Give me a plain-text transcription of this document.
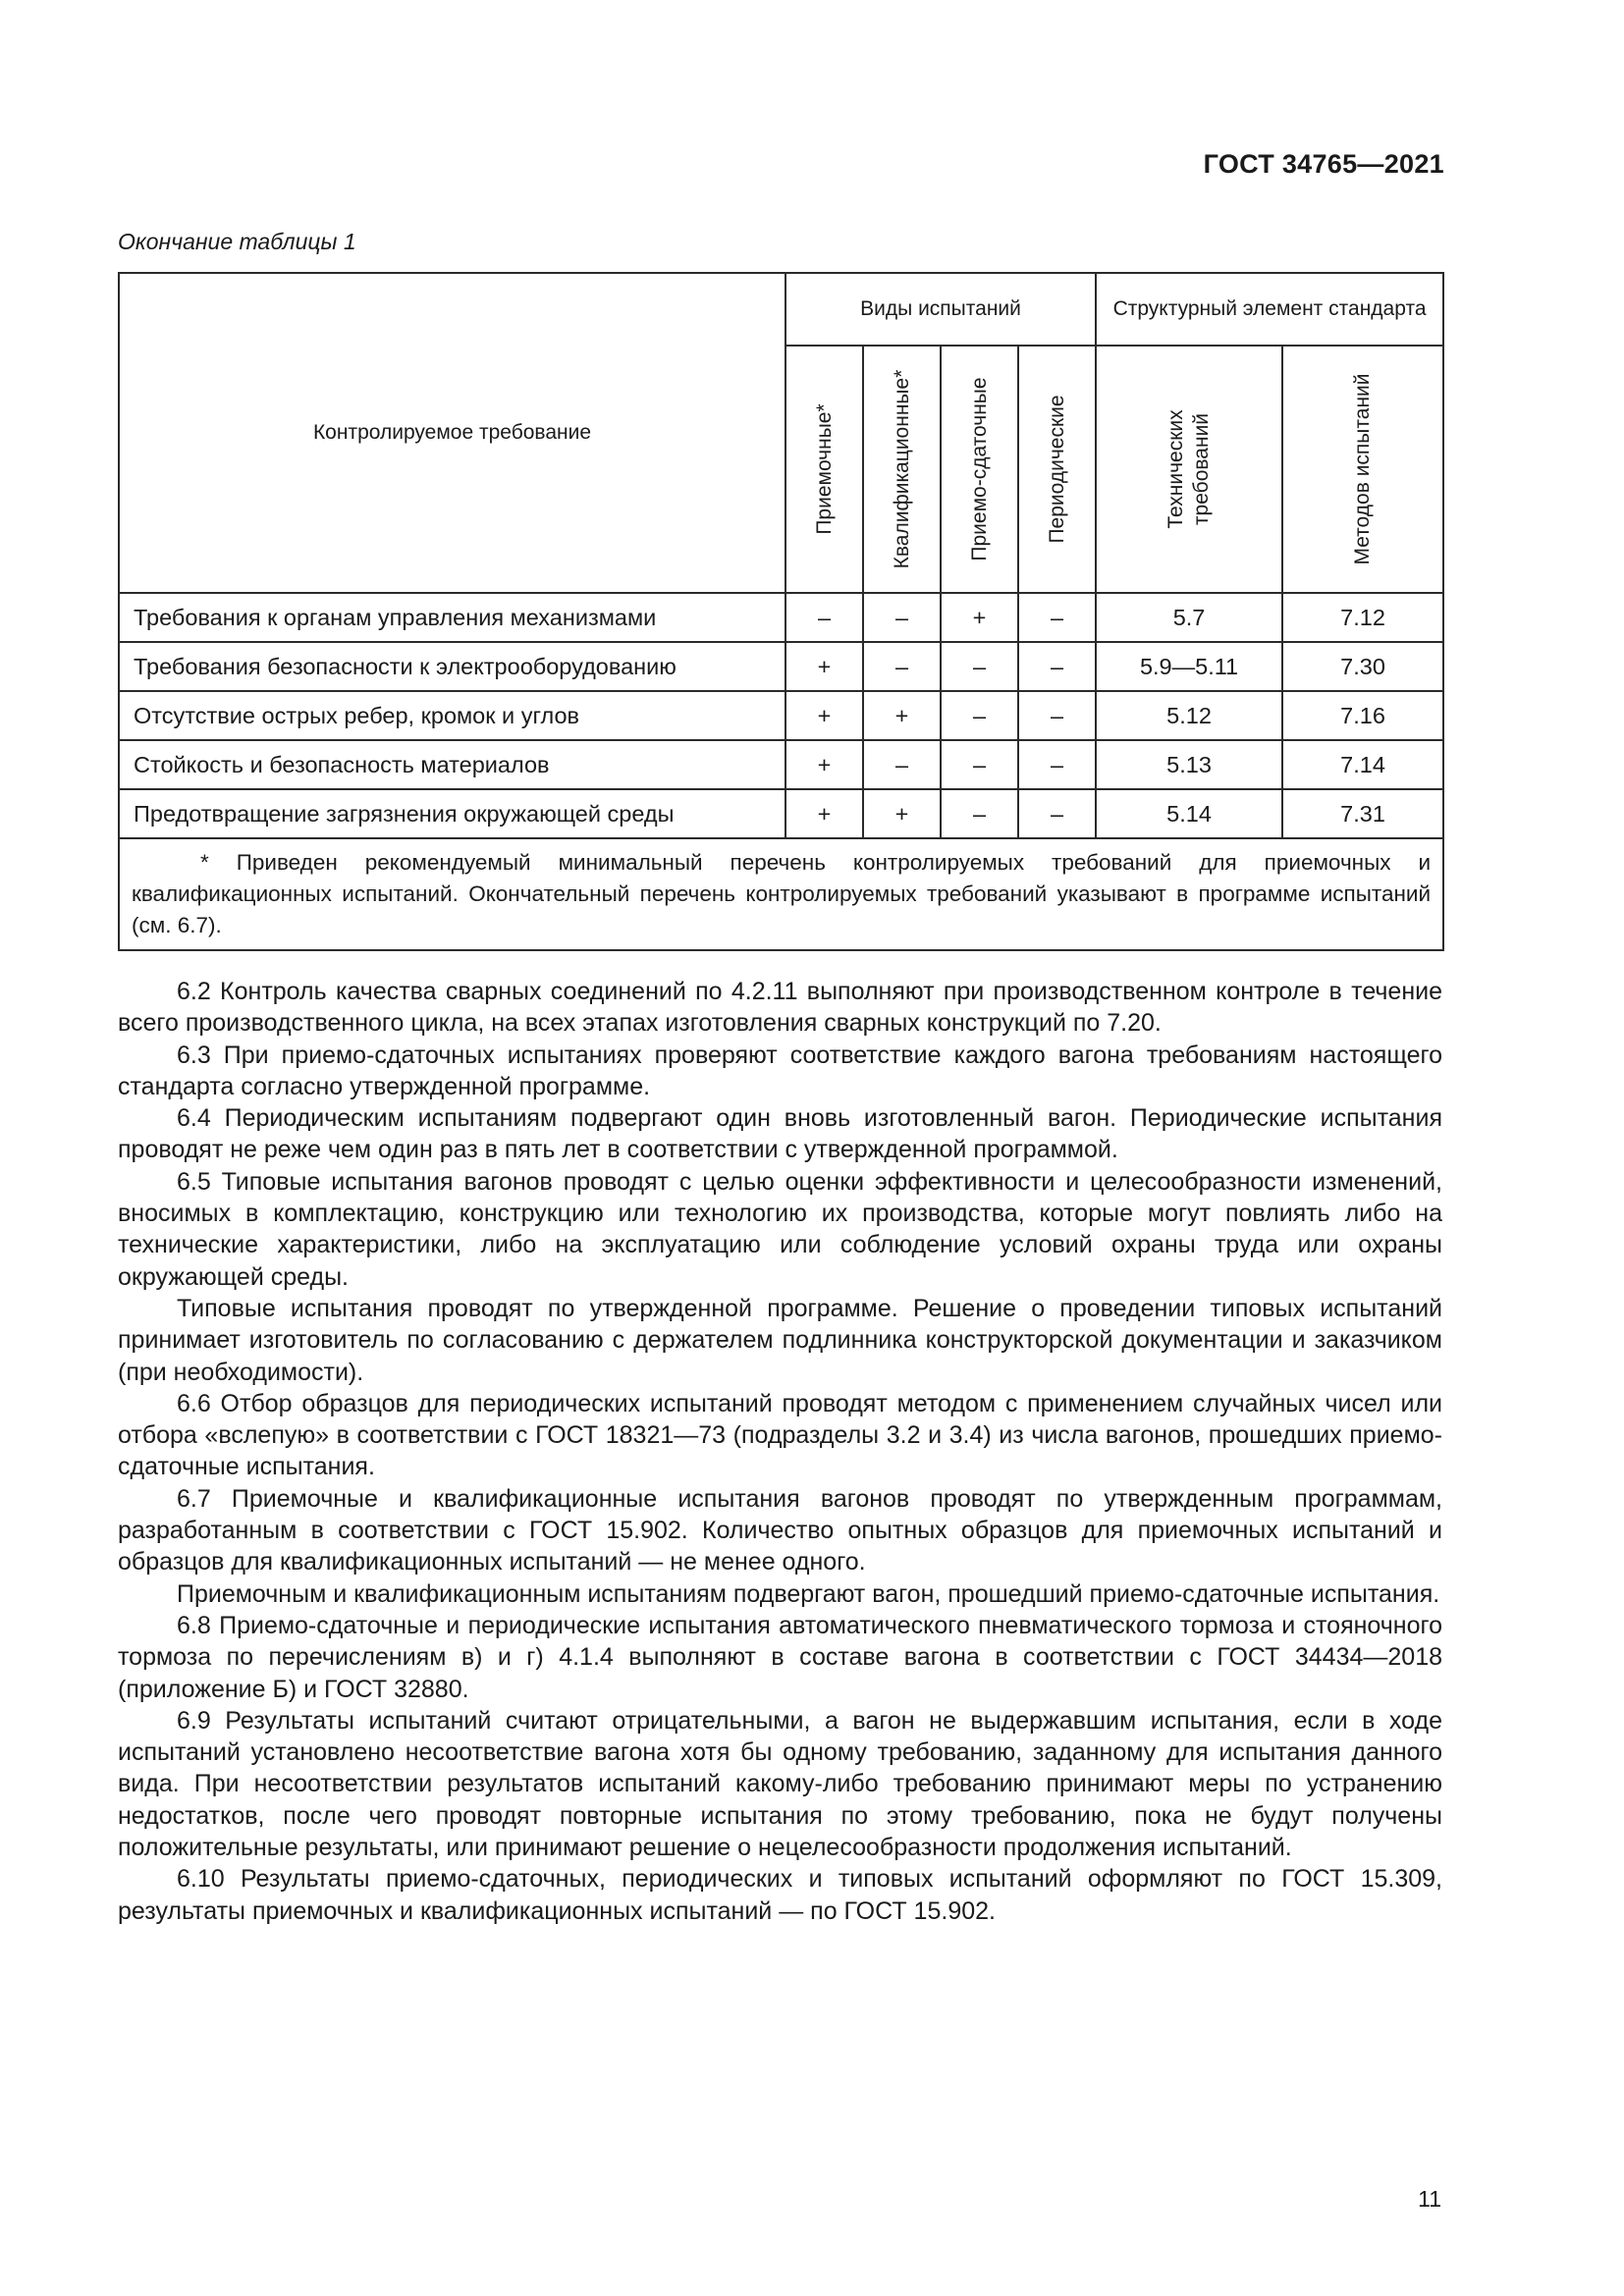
ГОСТ 34765—2021
Окончание таблицы 1
Контролируемое требование	Виды испытаний				Структурный элемент стандарта	

	Приемочные*	Квалификационные*	Приемо-сдаточные	Периодические	Технических требований	Методов испытаний

Требования к органам управления механизмами	–	–	+	–	5.7	7.12
Требования безопасности к электрооборудованию	+	–	–	–	5.9—5.11	7.30
Отсутствие острых ребер, кромок и углов	+	+	–	–	5.12	7.16
Стойкость и безопасность материалов	+	–	–	–	5.13	7.14
Предотвращение загрязнения окружающей среды	+	+	–	–	5.14	7.31

* Приведен рекомендуемый минимальный перечень контролируемых требований для приемочных и квалификационных испытаний. Окончательный перечень контролируемых требований указывают в программе испытаний (см. 6.7).						

6.2 Контроль качества сварных соединений по 4.2.11 выполняют при производственном контроле в течение всего производственного цикла, на всех этапах изготовления сварных конструкций по 7.20.

6.3 При приемо-сдаточных испытаниях проверяют соответствие каждого вагона требованиям настоящего стандарта согласно утвержденной программе.

6.4 Периодическим испытаниям подвергают один вновь изготовленный вагон. Периодические испытания проводят не реже чем один раз в пять лет в соответствии с утвержденной программой.

6.5 Типовые испытания вагонов проводят с целью оценки эффективности и целесообразности изменений, вносимых в комплектацию, конструкцию или технологию их производства, которые могут повлиять либо на технические характеристики, либо на эксплуатацию или соблюдение условий охраны труда или охраны окружающей среды.

Типовые испытания проводят по утвержденной программе. Решение о проведении типовых испытаний принимает изготовитель по согласованию с держателем подлинника конструкторской документации и заказчиком (при необходимости).

6.6 Отбор образцов для периодических испытаний проводят методом с применением случайных чисел или отбора «вслепую» в соответствии с ГОСТ 18321—73 (подразделы 3.2 и 3.4) из числа вагонов, прошедших приемо-сдаточные испытания.

6.7 Приемочные и квалификационные испытания вагонов проводят по утвержденным программам, разработанным в соответствии с ГОСТ 15.902. Количество опытных образцов для приемочных испытаний и образцов для квалификационных испытаний — не менее одного.

Приемочным и квалификационным испытаниям подвергают вагон, прошедший приемо-сдаточные испытания.

6.8 Приемо-сдаточные и периодические испытания автоматического пневматического тормоза и стояночного тормоза по перечислениям в) и г) 4.1.4 выполняют в составе вагона в соответствии с ГОСТ 34434—2018 (приложение Б) и ГОСТ 32880.

6.9 Результаты испытаний считают отрицательными, а вагон не выдержавшим испытания, если в ходе испытаний установлено несоответствие вагона хотя бы одному требованию, заданному для испытания данного вида. При несоответствии результатов испытаний какому-либо требованию принимают меры по устранению недостатков, после чего проводят повторные испытания по этому требованию, пока не будут получены положительные результаты, или принимают решение о нецелесообразности продолжения испытаний.

6.10 Результаты приемо-сдаточных, периодических и типовых испытаний оформляют по ГОСТ 15.309, результаты приемочных и квалификационных испытаний — по ГОСТ 15.902.

11
